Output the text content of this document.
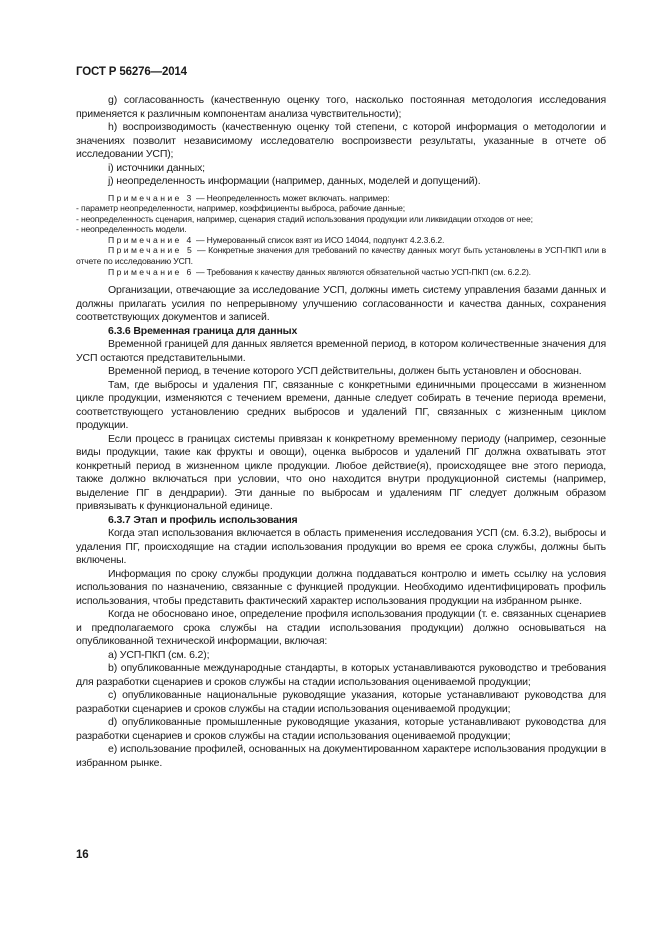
ГОСТ Р 56276—2014

g) согласованность (качественную оценку того, насколько постоянная методология исследования применяется к различным компонентам анализа чувствительности);

h) воспроизводимость (качественную оценку той степени, с которой информация о методологии и значениях позволит независимому исследователю воспроизвести результаты, указанные в отчете об исследовании УСП);

i) источники данных;

j) неопределенность информации (например, данных, моделей и допущений).

Примечание 3 — Неопределенность может включать. например:

- параметр неопределенности, например, коэффициенты выброса, рабочие данные;

- неопределенность сценария, например, сценария стадий использования продукции или ликвидации отходов от нее;

- неопределенность модели.

Примечание 4 — Нумерованный список взят из ИСО 14044, подпункт 4.2.3.6.2.

Примечание 5 — Конкретные значения для требований по качеству данных могут быть установлены в УСП-ПКП или в отчете по исследованию УСП.

Примечание 6 — Требования к качеству данных являются обязательной частью УСП-ПКП (см. 6.2.2).

Организации, отвечающие за исследование УСП, должны иметь систему управления базами данных и должны прилагать усилия по непрерывному улучшению согласованности и качества данных, сохранения соответствующих документов и записей.

6.3.6 Временная граница для данных

Временной границей для данных является временной период, в котором количественные значения для УСП остаются представительными.

Временной период, в течение которого УСП действительны, должен быть установлен и обоснован.

Там, где выбросы и удаления ПГ, связанные с конкретными единичными процессами в жизненном цикле продукции, изменяются с течением времени, данные следует собирать в течение периода времени, соответствующего установлению средних выбросов и удалений ПГ, связанных с жизненным циклом продукции.

Если процесс в границах системы привязан к конкретному временному периоду (например, сезонные виды продукции, такие как фрукты и овощи), оценка выбросов и удалений ПГ должна охватывать этот конкретный период в жизненном цикле продукции. Любое действие(я), происходящее вне этого периода, также должно включаться при условии, что оно находится внутри продукционной системы (например, выделение ПГ в дендрарии). Эти данные по выбросам и удалениям ПГ следует должным образом привязывать к функциональной единице.

6.3.7 Этап и профиль использования

Когда этап использования включается в область применения исследования УСП (см. 6.3.2), выбросы и удаления ПГ, происходящие на стадии использования продукции во время ее срока службы, должны быть включены.

Информация по сроку службы продукции должна поддаваться контролю и иметь ссылку на условия использования по назначению, связанные с функцией продукции. Необходимо идентифицировать профиль использования, чтобы представить фактический характер использования продукции на избранном рынке.

Когда не обосновано иное, определение профиля использования продукции (т. е. связанных сценариев и предполагаемого срока службы на стадии использования продукции) должно основываться на опубликованной технической информации, включая:

а) УСП-ПКП (см. 6.2);

b) опубликованные международные стандарты, в которых устанавливаются руководство и требования для разработки сценариев и сроков службы на стадии использования оцениваемой продукции;

c) опубликованные национальные руководящие указания, которые устанавливают руководства для разработки сценариев и сроков службы на стадии использования оцениваемой продукции;

d) опубликованные промышленные руководящие указания, которые устанавливают руководства для разработки сценариев и сроков службы на стадии использования оцениваемой продукции;

e) использование профилей, основанных на документированном характере использования продукции в избранном рынке.

16
